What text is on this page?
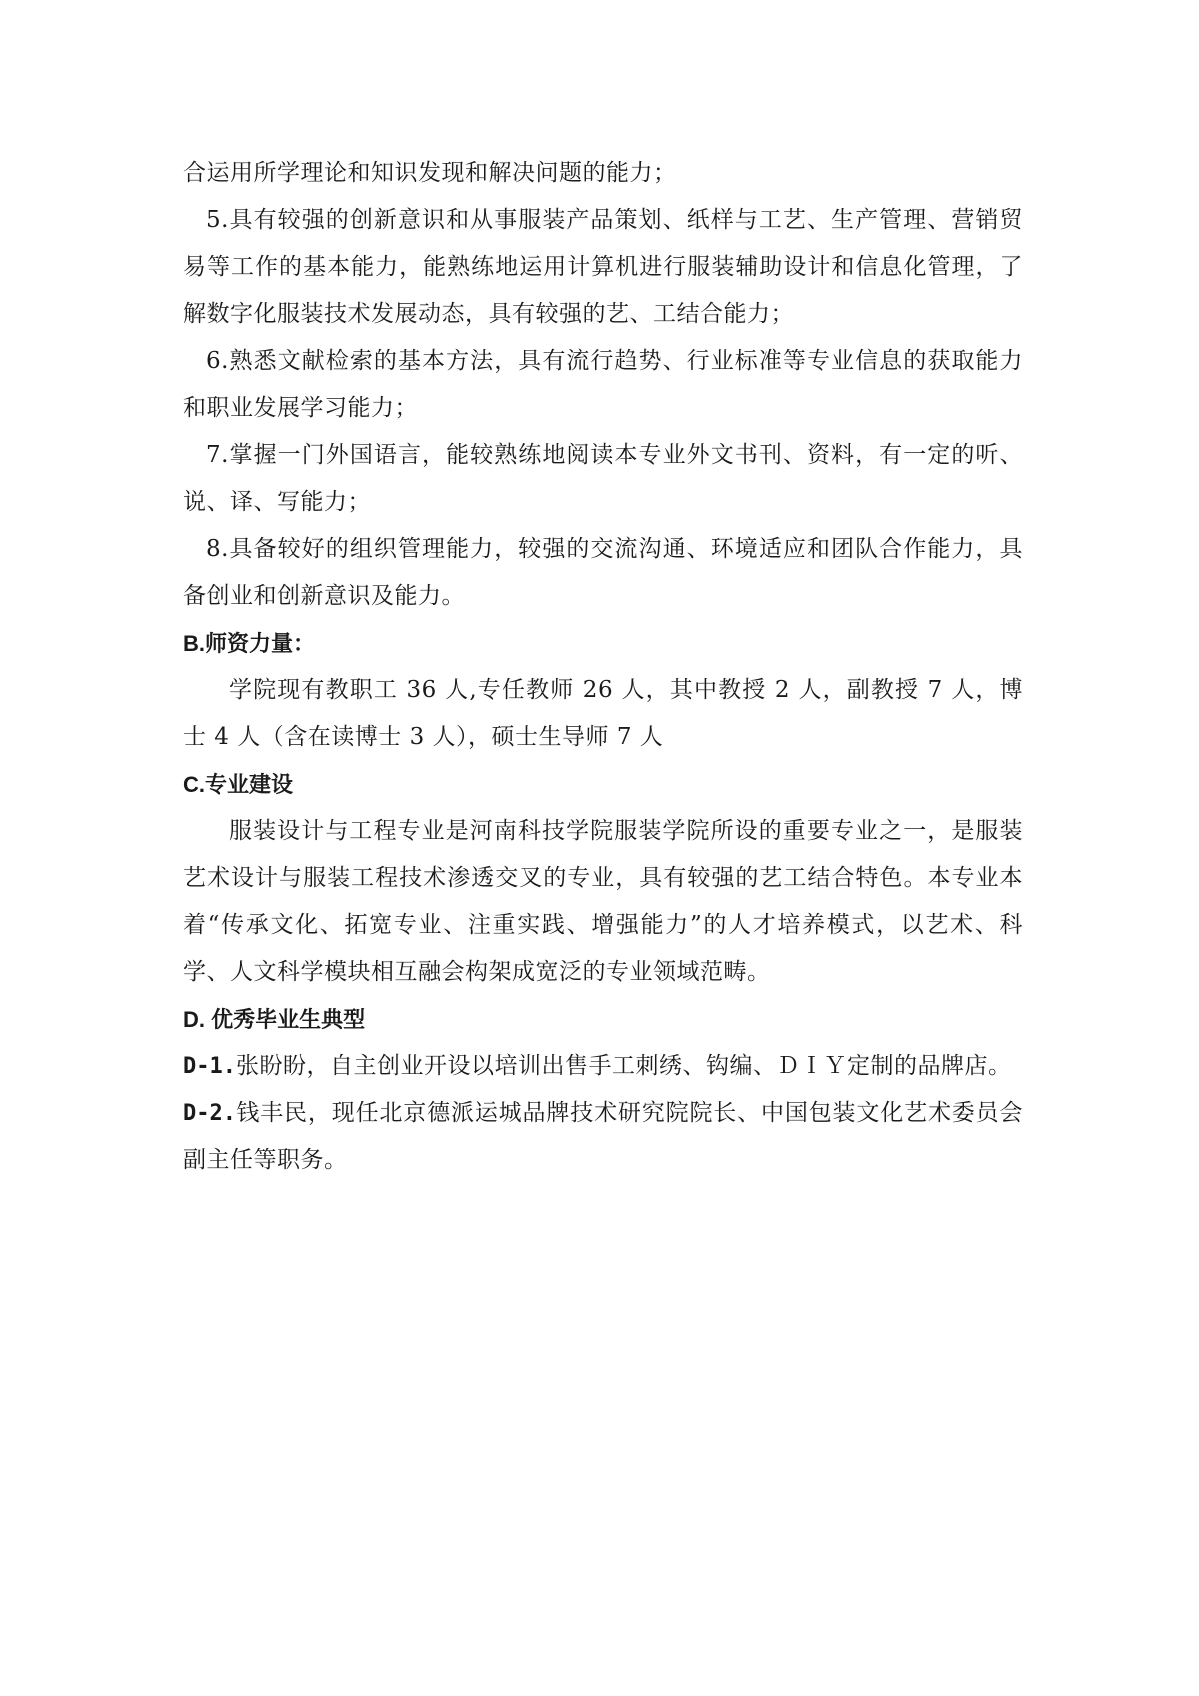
合运用所学理论和知识发现和解决问题的能力；

5.具有较强的创新意识和从事服装产品策划、纸样与工艺、生产管理、营销贸易等工作的基本能力，能熟练地运用计算机进行服装辅助设计和信息化管理，了解数字化服装技术发展动态，具有较强的艺、工结合能力；

6.熟悉文献检索的基本方法，具有流行趋势、行业标准等专业信息的获取能力和职业发展学习能力；

7.掌握一门外国语言，能较熟练地阅读本专业外文书刊、资料，有一定的听、说、译、写能力；

8.具备较好的组织管理能力，较强的交流沟通、环境适应和团队合作能力，具备创业和创新意识及能力。

B.师资力量：

学院现有教职工 36 人,专任教师 26 人，其中教授 2 人，副教授 7 人，博士 4 人（含在读博士 3 人），硕士生导师 7 人

C.专业建设

服装设计与工程专业是河南科技学院服装学院所设的重要专业之一，是服装艺术设计与服装工程技术渗透交叉的专业，具有较强的艺工结合特色。本专业本着“传承文化、拓宽专业、注重实践、增强能力”的人才培养模式，以艺术、科学、人文科学模块相互融会构架成宽泛的专业领域范畴。

D. 优秀毕业生典型

D-1.张盼盼，自主创业开设以培训出售手工刺绣、钩编、ＤＩＹ定制的品牌店。

D-2.钱丰民，现任北京德派运城品牌技术研究院院长、中国包装文化艺术委员会副主任等职务。
